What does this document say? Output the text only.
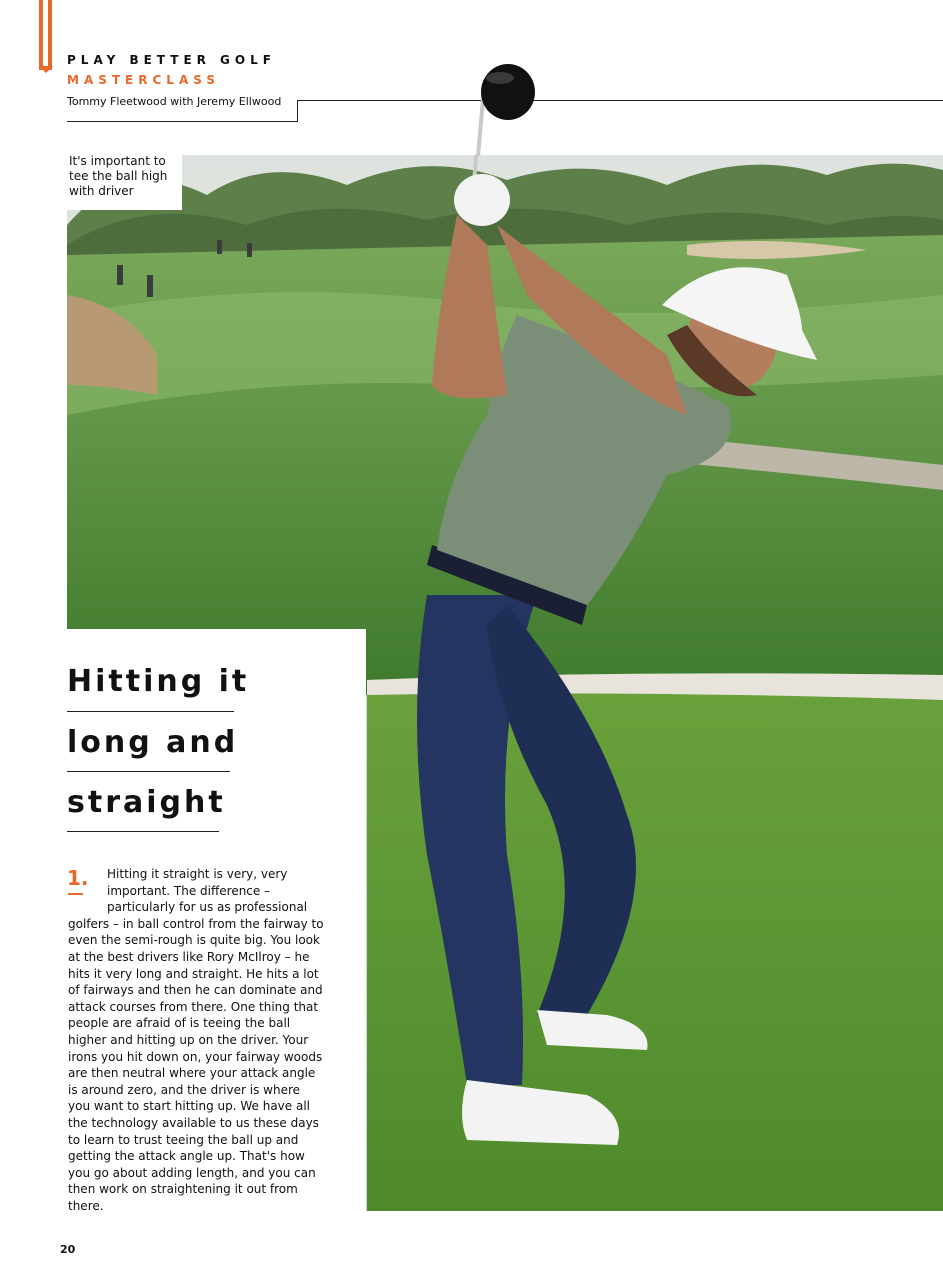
PLAY BETTER GOLF
MASTERCLASS
Tommy Fleetwood with Jeremy Ellwood
It's important to tee the ball high with driver
Hitting it
long and
straight
1.	Hitting it straight is very, very important. The difference – particularly for us as professional golfers – in ball control from the fairway to even the semi-rough is quite big. You look at the best drivers like Rory McIlroy – he hits it very long and straight. He hits a lot of fairways and then he can dominate and attack courses from there. One thing that people are afraid of is teeing the ball higher and hitting up on the driver. Your irons you hit down on, your fairway woods are then neutral where your attack angle is around zero, and the driver is where you want to start hitting up. We have all the technology available to us these days to learn to trust teeing the ball up and getting the attack angle up. That's how you go about adding length, and you can then work on straightening it out from there.
20
